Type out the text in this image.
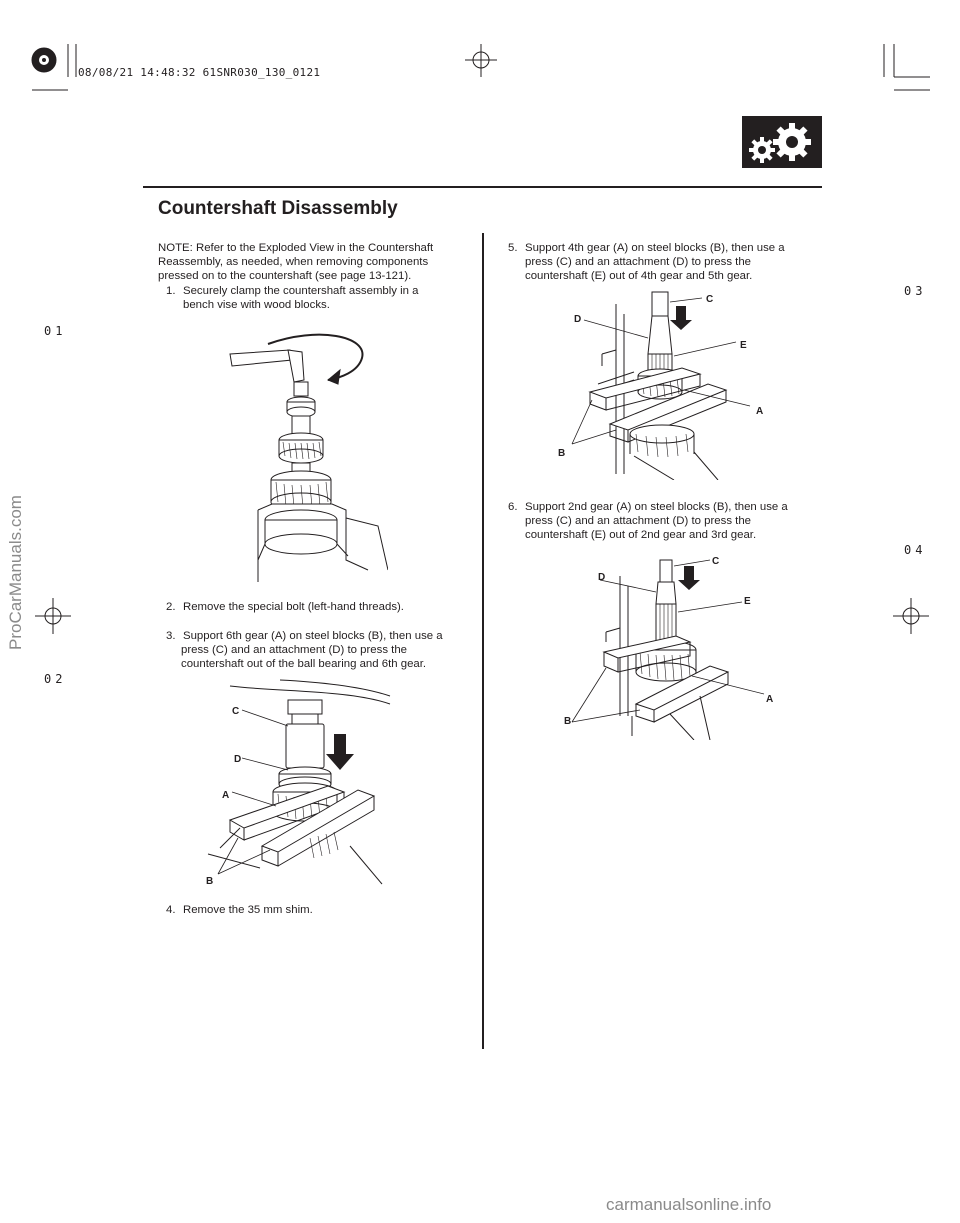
08/08/21 14:48:32 61SNR030_130_0121
Countershaft Disassembly
NOTE: Refer to the Exploded View in the Countershaft
Reassembly, as needed, when removing components
pressed on to the countershaft (see page 13-121).
1. Securely clamp the countershaft assembly in a
bench vise with wood blocks.
2. Remove the special bolt (left-hand threads).
3. Support 6th gear (A) on steel blocks (B), then use a
press (C) and an attachment (D) to press the
countershaft out of the ball bearing and 6th gear.
C
D
A
B
4. Remove the 35 mm shim.
5. Support 4th gear (A) on steel blocks (B), then use a
press (C) and an attachment (D) to press the
countershaft (E) out of 4th gear and 5th gear.
C
D
E
A
B
6. Support 2nd gear (A) on steel blocks (B), then use a
press (C) and an attachment (D) to press the
countershaft (E) out of 2nd gear and 3rd gear.
C
D
E
A
B
01
02
03
04
ProCarManuals.com
carmanualsonline.info
